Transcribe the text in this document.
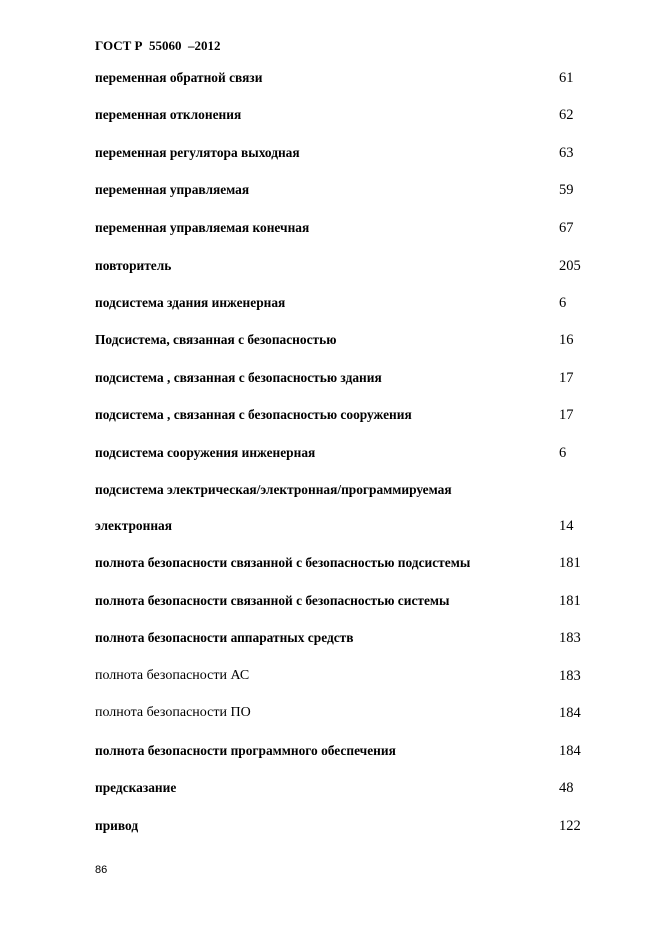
ГОСТ Р  55060  –2012
переменная обратной связи	61
переменная отклонения	62
переменная регулятора выходная	63
переменная управляемая	59
переменная управляемая конечная	67
повторитель	205
подсистема здания инженерная	6
Подсистема, связанная с безопасностью	16
подсистема , связанная с безопасностью здания	17
подсистема , связанная с безопасностью сооружения	17
подсистема сооружения инженерная	6
подсистема электрическая/электронная/программируемая
электронная	14
полнота безопасности связанной с безопасностью подсистемы	181
полнота безопасности связанной с безопасностью системы	181
полнота безопасности аппаратных средств	183
полнота безопасности АС	183
полнота безопасности ПО	184
полнота безопасности программного обеспечения	184
предсказание	48
привод	122
86
